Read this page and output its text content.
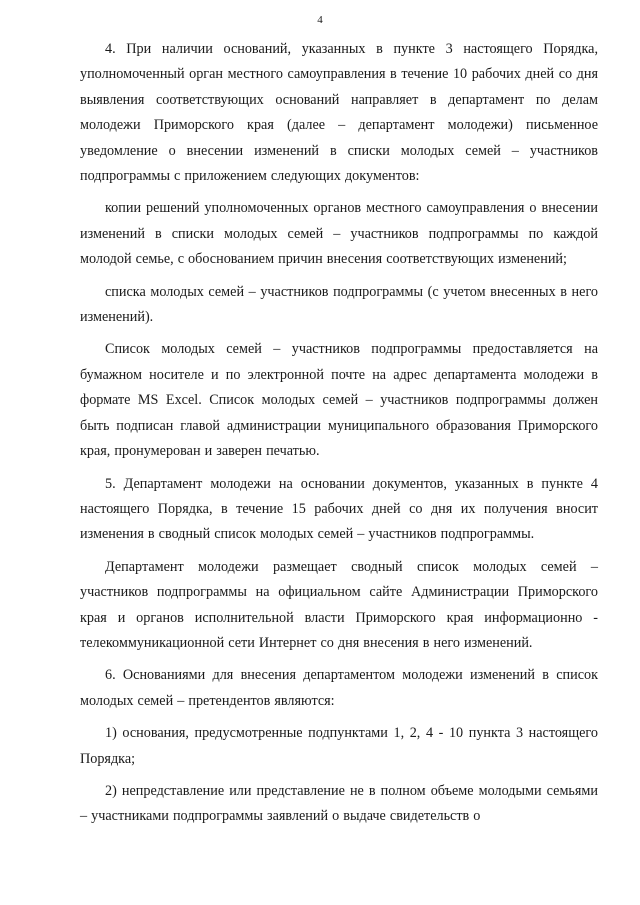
4

4. При наличии оснований, указанных в пункте 3 настоящего Порядка, уполномоченный орган местного самоуправления в течение 10 рабочих дней со дня выявления соответствующих оснований направляет в департамент по делам молодежи Приморского края (далее – департамент молодежи) письменное уведомление о внесении изменений в списки молодых семей – участников подпрограммы с приложением следующих документов:

копии решений уполномоченных органов местного самоуправления о внесении изменений в списки молодых семей – участников подпрограммы по каждой молодой семье, с обоснованием причин внесения соответствующих изменений;

списка молодых семей – участников подпрограммы (с учетом внесенных в него изменений).

Список молодых семей – участников подпрограммы предоставляется на бумажном носителе и по электронной почте на адрес департамента молодежи в формате MS Excel. Список молодых семей – участников подпрограммы должен быть подписан главой администрации муниципального образования Приморского края, пронумерован и заверен печатью.

5. Департамент молодежи на основании документов, указанных в пункте 4 настоящего Порядка, в течение 15 рабочих дней со дня их получения вносит изменения в сводный список молодых семей – участников подпрограммы.

Департамент молодежи размещает сводный список молодых семей – участников подпрограммы на официальном сайте Администрации Приморского края и органов исполнительной власти Приморского края информационно - телекоммуникационной сети Интернет со дня внесения в него изменений.

6. Основаниями для внесения департаментом молодежи изменений в список молодых семей – претендентов являются:

1) основания, предусмотренные подпунктами 1, 2, 4 - 10 пункта 3 настоящего Порядка;

2) непредставление или представление не в полном объеме молодыми семьями – участниками подпрограммы заявлений о выдаче свидетельств о
